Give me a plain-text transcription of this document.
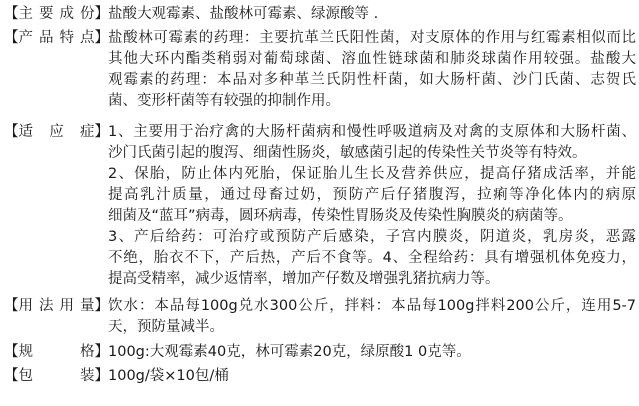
【主要成份】 盐酸大观霉素、盐酸林可霉素、绿源酸等 .
【产品特点】 盐酸林可霉素的药理：主要抗革兰氏阳性菌，对支原体的作用与红霉素相似而比
其他大环内酯类稍弱对葡萄球菌、溶血性链球菌和肺炎球菌作用较强。盐酸大
观霉素的药理：本品对多种革兰氏阴性杆菌，如大肠杆菌、沙门氏菌、志贺氏
菌、变形杆菌等有较强的抑制作用。
【适应症】 1、主要用于治疗禽的大肠杆菌病和慢性呼吸道病及对禽的支原体和大肠杆菌、
沙门氏菌引起的腹泻、细菌性肠炎，敏感菌引起的传染性关节炎等有特效。
2、保胎，防止体内死胎，保证胎儿生长及营养供应，提高仔猪成活率，并能
提高乳汁质量，通过母畜过奶，预防产后仔猪腹泻，拉痢等净化体内的病原
细菌及“蓝耳”病毒，圆环病毒，传染性胃肠炎及传染性胸膜炎的病菌等。
3、产后给药：可治疗或预防产后感染，子宫内膜炎，阴道炎，乳房炎，恶露
不绝，胎衣不下，产后热，产后不食等。4、全程给药：具有增强机体免疫力，
提高受精率，减少返情率，增加产仔数及增强乳猪抗病力等。
【用法用量】 饮水：本品每100g兑水300公斤，拌料：本品每100g拌料200公斤，连用5-7
天，预防量减半。
【规格】 100g:大观霉素40克，林可霉素20克，绿原酸1 0克等。
【包装】 100g/袋×10包/桶
